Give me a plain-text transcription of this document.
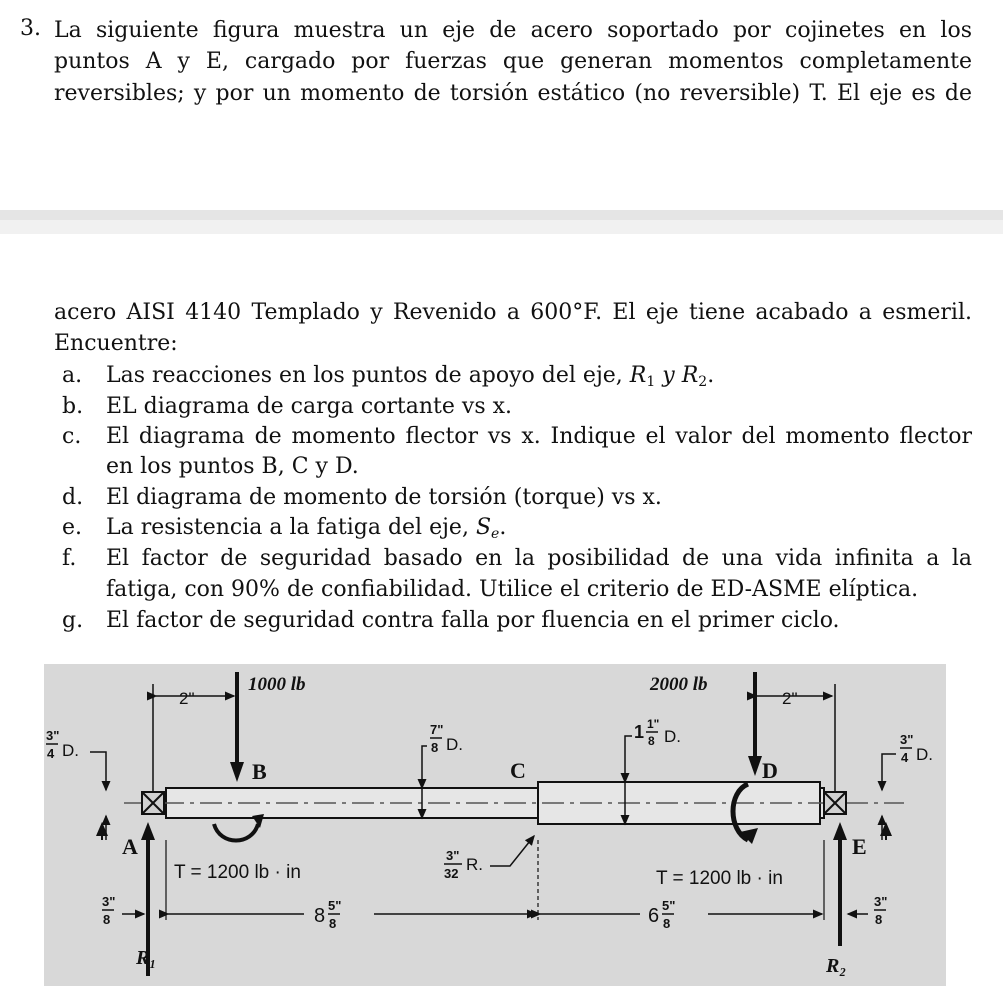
3. La siguiente figura muestra un eje de acero soportado por cojinetes en los
puntos A y E, cargado por fuerzas que generan momentos completamente
reversibles; y por un momento de torsión estático (no reversible) T. El eje es de
acero AISI 4140 Templado y Revenido a 600°F. El eje tiene acabado a esmeril.
Encuentre:
a. Las reacciones en los puntos de apoyo del eje, $R_1$ y $R_2$.
b. EL diagrama de carga cortante vs x.
c. El diagrama de momento flector vs x. Indique el valor del momento flector
en los puntos B, C y D.
d. El diagrama de momento de torsión (torque) vs x.
e. La resistencia a la fatiga del eje, $S_e$.
f. El factor de seguridad basado en la posibilidad de una vida infinita a la
fatiga, con 90% de confiabilidad. Utilice el criterio de ED-ASME elíptica.
g. El factor de seguridad contra falla por fluencia en el primer ciclo.
2"	2"
1000 lb	2000 lb
B	C	D
A	E
3"
4 D.
7"
8 D.
1 1"
8 D.	3"
4 D.
T = 1200 lb · in	T = 1200 lb · in
3"
32 R.
R₁	R₂
8 5"
8	6 5"
8
3"
8
3"
8
